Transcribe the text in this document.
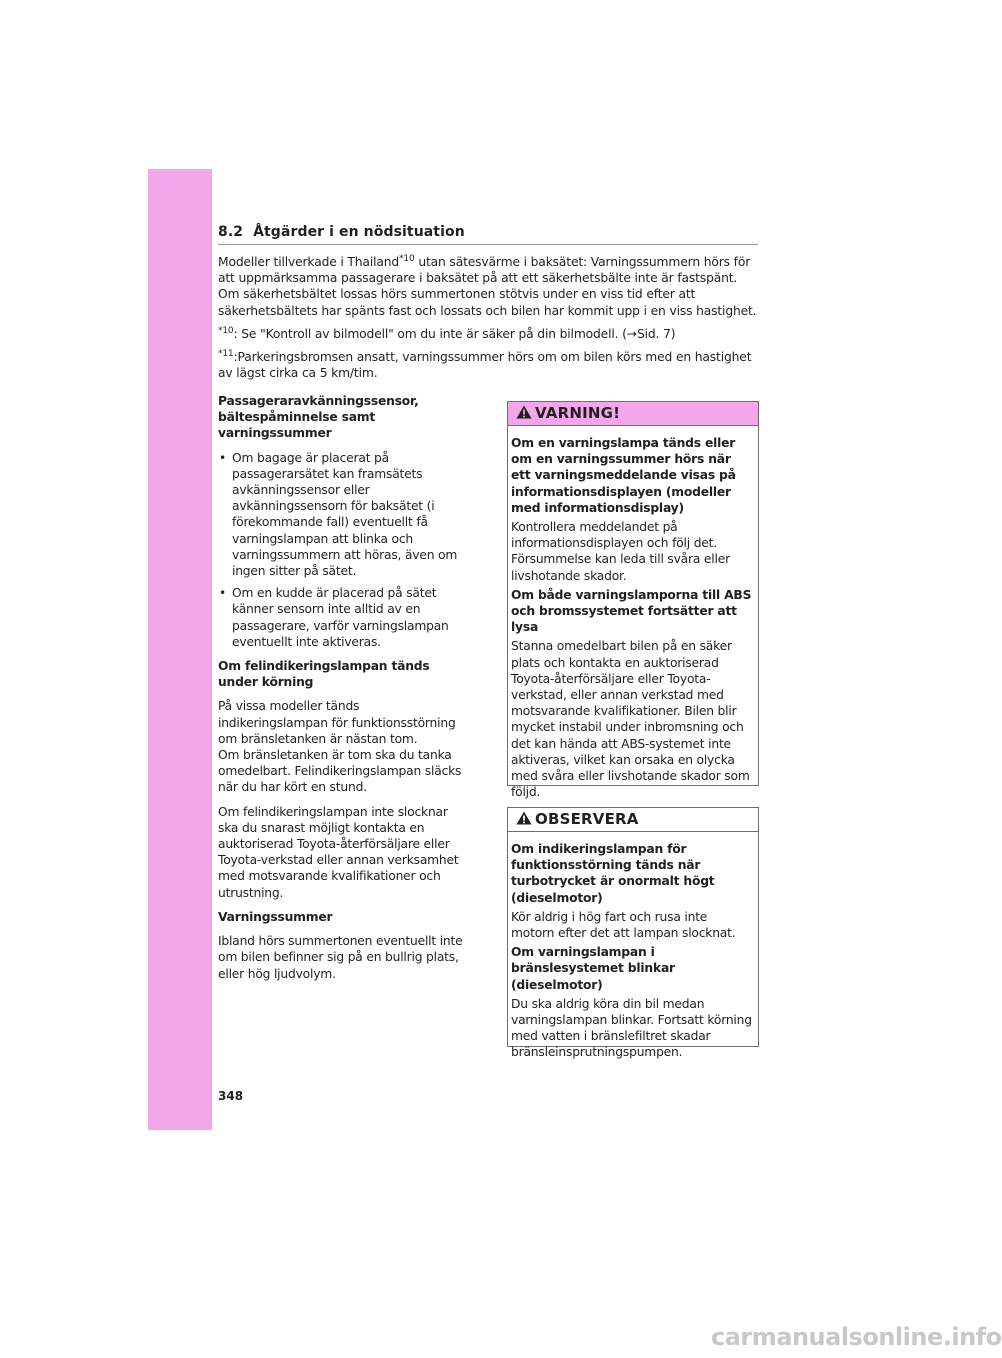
8.2 Åtgärder i en nödsituation

Modeller tillverkade i Thailand$^{*10}$ utan sätesvärme i baksätet: Varningssummern hörs för att uppmärksamma passagerare i baksätet på att ett säkerhetsbälte inte är fastspänt. Om säkerhetsbältet lossas hörs summertonen stötvis under en viss tid efter att säkerhetsbältets har spänts fast och lossats och bilen har kommit upp i en viss hastighet.

$^{*10}$: Se "Kontroll av bilmodell" om du inte är säker på din bilmodell. (→Sid. 7)

$^{*11}$:Parkeringsbromsen ansatt, varningssummer hörs om om bilen körs med en hastighet av lägst cirka ca 5 km/tim.

Passageraravkänningssensor, bältespåminnelse samt varningssummer

• Om bagage är placerat på passagerarsätet kan framsätets avkänningssensor eller avkänningssensorn för baksätet (i förekommande fall) eventuellt få varningslampan att blinka och varningssummern att höras, även om ingen sitter på sätet.
• Om en kudde är placerad på sätet känner sensorn inte alltid av en passagerare, varför varningslampan eventuellt inte aktiveras.

Om felindikeringslampan tänds under körning

På vissa modeller tänds indikeringslampan för funktionsstörning om bränsletanken är nästan tom.
Om bränsletanken är tom ska du tanka omedelbart. Felindikeringslampan släcks när du har kört en stund.

Om felindikeringslampan inte slocknar ska du snarast möjligt kontakta en auktoriserad Toyota-återförsäljare eller Toyota-verkstad eller annan verksamhet med motsvarande kvalifikationer och utrustning.

Varningssummer

Ibland hörs summertonen eventuellt inte om bilen befinner sig på en bullrig plats, eller hög ljudvolym.

VARNING!

Om en varningslampa tänds eller om en varningssummer hörs när ett varningsmeddelande visas på informationsdisplayen (modeller med informationsdisplay)

Kontrollera meddelandet på informationsdisplayen och följ det. Försummelse kan leda till svåra eller livshotande skador.

Om både varningslamporna till ABS och bromssystemet fortsätter att lysa

Stanna omedelbart bilen på en säker plats och kontakta en auktoriserad Toyota-återförsäljare eller Toyota-verkstad, eller annan verkstad med motsvarande kvalifikationer. Bilen blir mycket instabil under inbromsning och det kan hända att ABS-systemet inte aktiveras, vilket kan orsaka en olycka med svåra eller livshotande skador som följd.

OBSERVERA

Om indikeringslampan för funktionsstörning tänds när turbotrycket är onormalt högt (dieselmotor)

Kör aldrig i hög fart och rusa inte motorn efter det att lampan slocknat.

Om varningslampan i bränslesystemet blinkar (dieselmotor)

Du ska aldrig köra din bil medan varningslampan blinkar. Fortsatt körning med vatten i bränslefiltret skadar bränsleinsprutningspumpen.

348
carmanualsonline.info
